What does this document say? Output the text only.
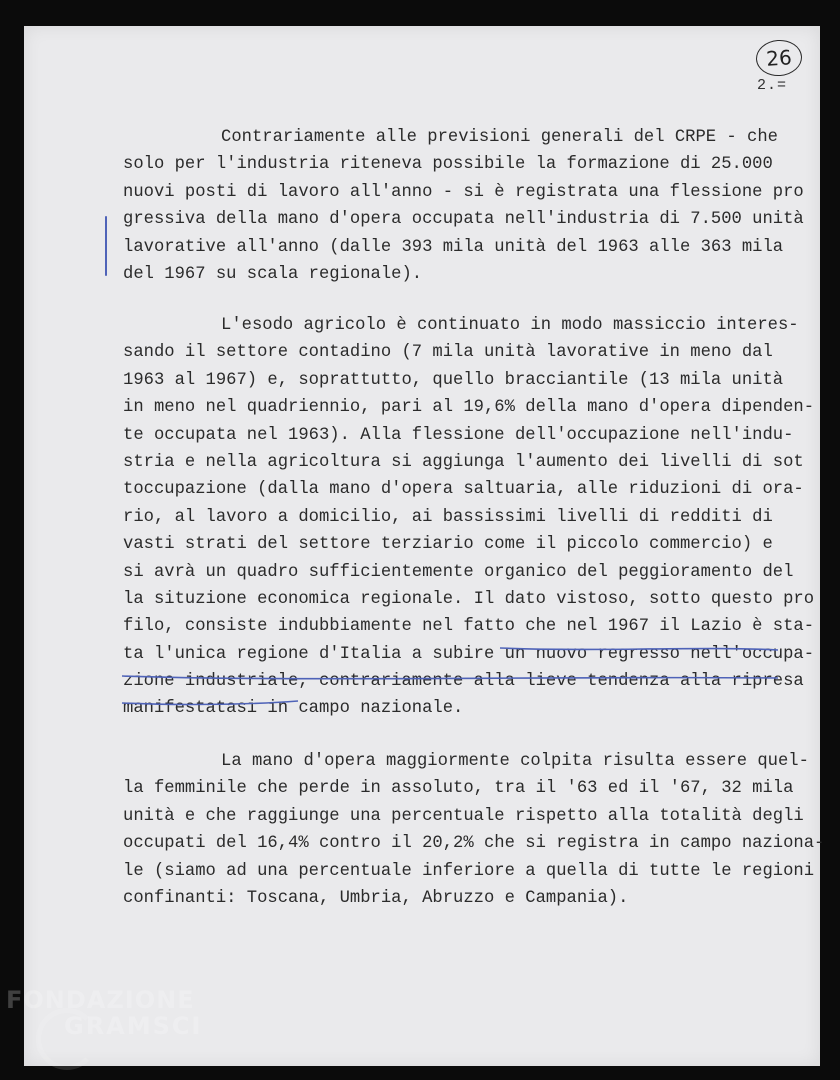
26
2.=
Contrariamente alle previsioni generali del CRPE - che
solo per l'industria riteneva possibile la formazione di 25.000
nuovi posti di lavoro all'anno - si è registrata una flessione pro
gressiva della mano d'opera occupata nell'industria di 7.500 unità
lavorative all'anno (dalle 393 mila unità del 1963 alle 363 mila
del 1967 su scala regionale).
L'esodo agricolo è continuato in modo massiccio interes-
sando il settore contadino (7 mila unità lavorative in meno dal
1963 al 1967) e, soprattutto, quello bracciantile (13 mila unità
in meno nel quadriennio, pari al 19,6% della mano d'opera dipenden-
te occupata nel 1963). Alla flessione dell'occupazione nell'indu-
stria e nella agricoltura si aggiunga l'aumento dei livelli di sot
toccupazione (dalla mano d'opera saltuaria, alle riduzioni di ora-
rio, al lavoro a domicilio, ai bassissimi livelli di redditi di
vasti strati del settore terziario come il piccolo commercio) e
si avrà un quadro sufficientemente organico del peggioramento del
la situzione economica regionale. Il dato vistoso, sotto questo pro
filo, consiste indubbiamente nel fatto che nel 1967 il Lazio è sta-
ta l'unica regione d'Italia a subire un nuovo regresso nell'occupa-
zione industriale, contrariamente alla lieve tendenza alla ripresa
manifestatasi in campo nazionale.
La mano d'opera maggiormente colpita risulta essere quel-
la femminile che perde in assoluto, tra il '63 ed il '67, 32 mila
unità e che raggiunge una percentuale rispetto alla totalità degli
occupati del 16,4% contro il 20,2% che si registra in campo naziona-
le (siamo ad una percentuale inferiore a quella di tutte le regioni
confinanti: Toscana, Umbria, Abruzzo e Campania).
FONDAZIONE
GRAMSCI
